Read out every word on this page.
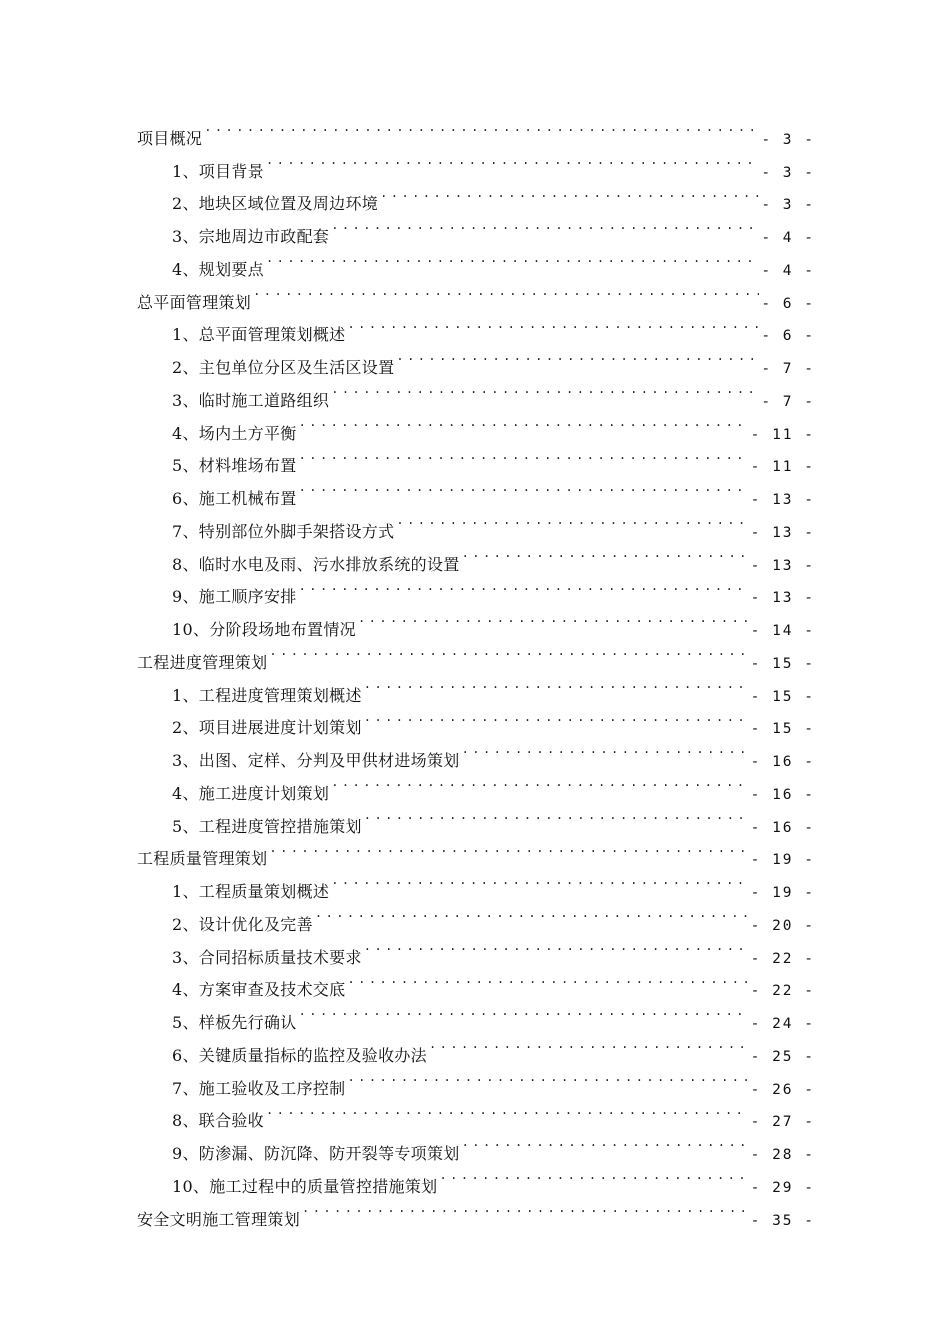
项目概况 .....	- 3 -
1、项目背景 .....	- 3 -
2、地块区域位置及周边环境 .....	- 3 -
3、宗地周边市政配套 .....	- 4 -
4、规划要点 .....	- 4 -
总平面管理策划 .....	- 6 -
1、总平面管理策划概述 .....	- 6 -
2、主包单位分区及生活区设置 .....	- 7 -
3、临时施工道路组织 .....	- 7 -
4、场内土方平衡 .....	- 11 -
5、材料堆场布置 .....	- 11 -
6、施工机械布置 .....	- 13 -
7、特别部位外脚手架搭设方式 .....	- 13 -
8、临时水电及雨、污水排放系统的设置 .....	- 13 -
9、施工顺序安排 .....	- 13 -
10、分阶段场地布置情况 .....	- 14 -
工程进度管理策划 .....	- 15 -
1、工程进度管理策划概述 .....	- 15 -
2、项目进展进度计划策划 .....	- 15 -
3、出图、定样、分判及甲供材进场策划 .....	- 16 -
4、施工进度计划策划 .....	- 16 -
5、工程进度管控措施策划 .....	- 16 -
工程质量管理策划 .....	- 19 -
1、工程质量策划概述 .....	- 19 -
2、设计优化及完善 .....	- 20 -
3、合同招标质量技术要求 .....	- 22 -
4、方案审查及技术交底 .....	- 22 -
5、样板先行确认 .....	- 24 -
6、关键质量指标的监控及验收办法 .....	- 25 -
7、施工验收及工序控制 .....	- 26 -
8、联合验收 .....	- 27 -
9、防渗漏、防沉降、防开裂等专项策划 .....	- 28 -
10、施工过程中的质量管控措施策划 .....	- 29 -
安全文明施工管理策划 .....	- 35 -
